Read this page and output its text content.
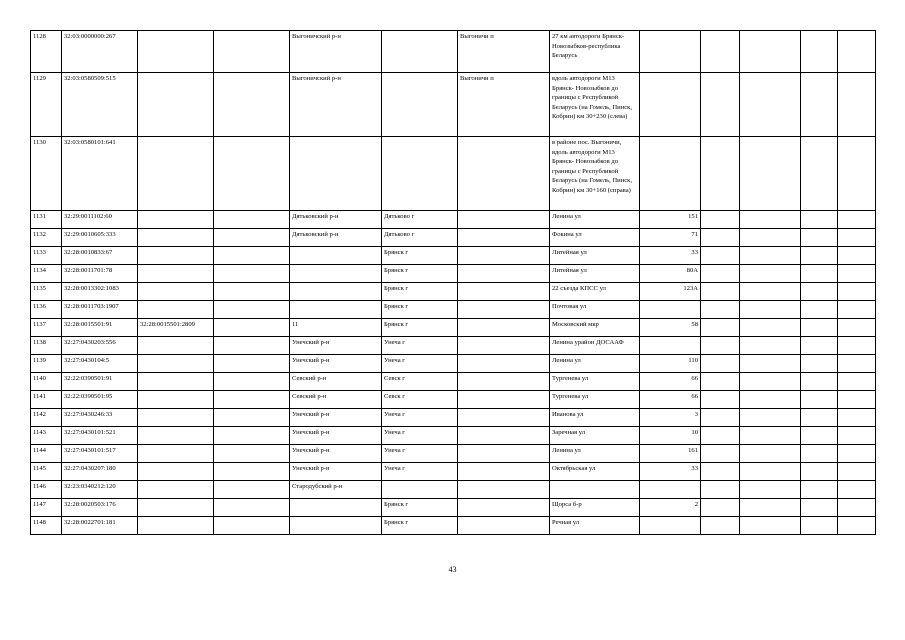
1128	32:03:0000000:267			Выгоничский р-н		Выгоничи п	27 км автодороги Брянск-Новозыбков-республика Беларусь					
1129	32:03:0580509:515			Выгоничский р-н		Выгоничи п	вдоль автодороги М13 Брянск- Новозыбков до границы с Республикой Беларусь (на Гомель, Пинск, Кобрин) км 30+230 (слева)					
1130	32:03:0580101:641						в районе пос. Выгоничи, вдоль автодороги М13 Брянск- Новозыбков до границы с Республикой Беларусь (на Гомель, Пинск, Кобрин) км 30+160 (справа)					
1131	32:29:0011102:60			Дятьковский р-н	Дятьково г		Ленина ул	151				
1132	32:29:0010605:333			Дятьковский р-н	Дятьково г		Фокина ул	71				
1133	32:28:0010833:67				Брянск г		Литейная ул	33				
1134	32:28:0011701:78				Брянск г		Литейная ул	80А				
1135	32:28:0013302:1083				Брянск г		22 съезда КПСС ул	123А				
1136	32:28:0011703:1907				Брянск г		Почтовая ул					
1137	32:28:0015501:91	32:28:0015501:2809		11	Брянск г		Московский мкр	58				
1138	32:27:0430203:556			Унечский р-н	Унеча г		Ленина урайон ДОСААФ					
1139	32:27:0430104:5			Унечский р-н	Унеча г		Ленина ул	110				
1140	32:22:0390501:91			Севский р-н	Севск г		Тургенева ул	66				
1141	32:22:0390501:95			Севский р-н	Севск г		Тургенева ул	66				
1142	32:27:0430246:33			Унечский р-н	Унеча г		Иванова ул	3				
1143	32:27:0430101:521			Унечский р-н	Унеча г		Заречная ул	10				
1144	32:27:0430101:517			Унечский р-н	Унеча г		Ленина ул	161				
1145	32:27:0430207:180			Унечский р-н	Унеча г		Октябрьская ул	33				
1146	32:23:0340212:120			Стародубский р-н								
1147	32:28:0020503:176				Брянск г		Щорса б-р	2				
1148	32:28:0022701:181				Брянск г		Речная ул					
43
